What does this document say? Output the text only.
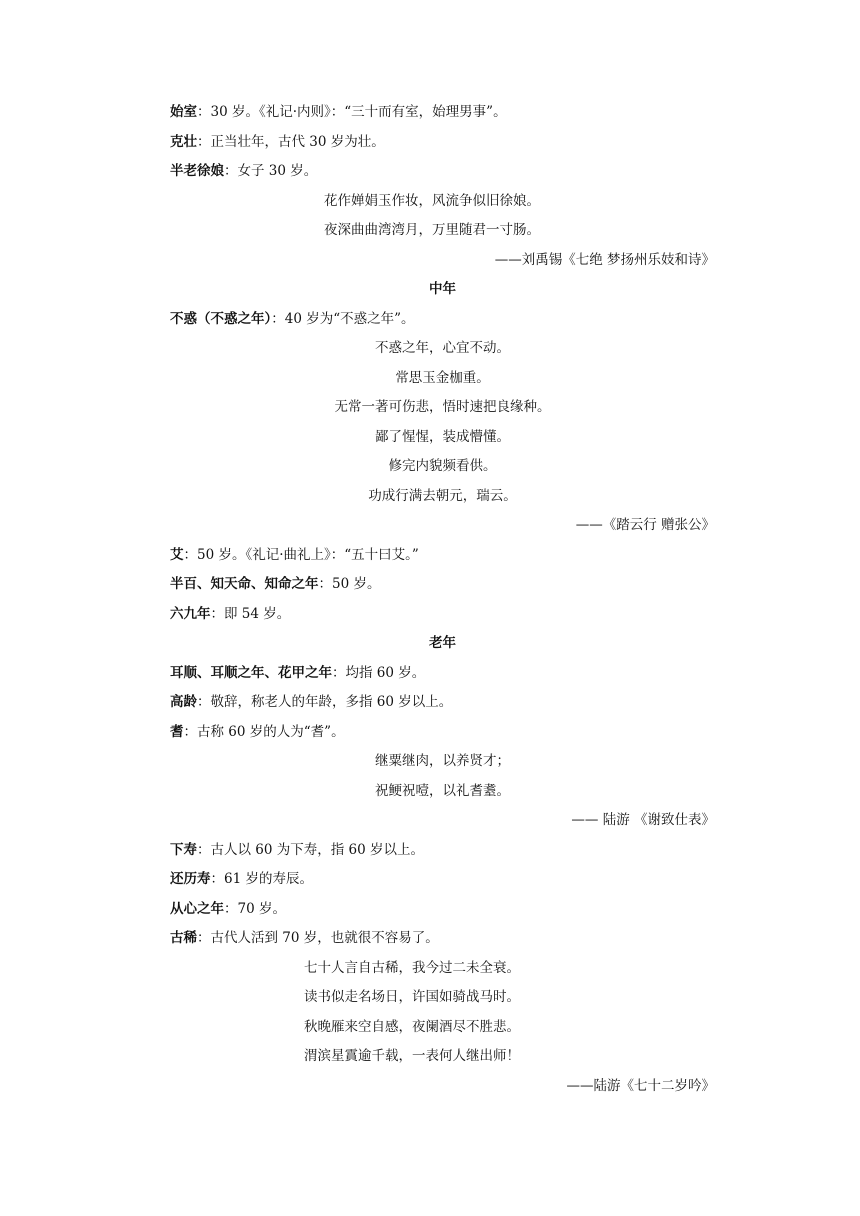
始室：30 岁。《礼记·内则》：“三十而有室，始理男事”。
克壮：正当壮年，古代 30 岁为壮。
半老徐娘：女子 30 岁。
花作婵娟玉作妆，风流争似旧徐娘。
夜深曲曲湾湾月，万里随君一寸肠。
——刘禹锡《七绝 梦扬州乐妓和诗》
中年
不惑（不惑之年）：40 岁为“不惑之年”。
不惑之年，心宜不动。
常思玉金枷重。
无常一著可伤悲，悟时速把良缘种。
鄙了惺惺，装成懵懂。
修完内貌频看供。
功成行满去朝元，瑞云。
——《踏云行 赠张公》
艾：50 岁。《礼记·曲礼上》：“五十曰艾。”
半百、知天命、知命之年：50 岁。
六九年：即 54 岁。
老年
耳顺、耳顺之年、花甲之年：均指 60 岁。
高龄：敬辞，称老人的年龄，多指 60 岁以上。
耆：古称 60 岁的人为“耆”。
继粟继肉，以养贤才；
祝鲠祝噎，以礼耆耋。
—— 陆游 《谢致仕表》
下寿：古人以 60 为下寿，指 60 岁以上。
还历寿：61 岁的寿辰。
从心之年：70 岁。
古稀：古代人活到 70 岁，也就很不容易了。
七十人言自古稀，我今过二未全衰。
读书似走名场日，许国如骑战马时。
秋晚雁来空自感，夜阑酒尽不胜悲。
渭滨星霣逾千载，一表何人继出师！
——陆游《七十二岁吟》
